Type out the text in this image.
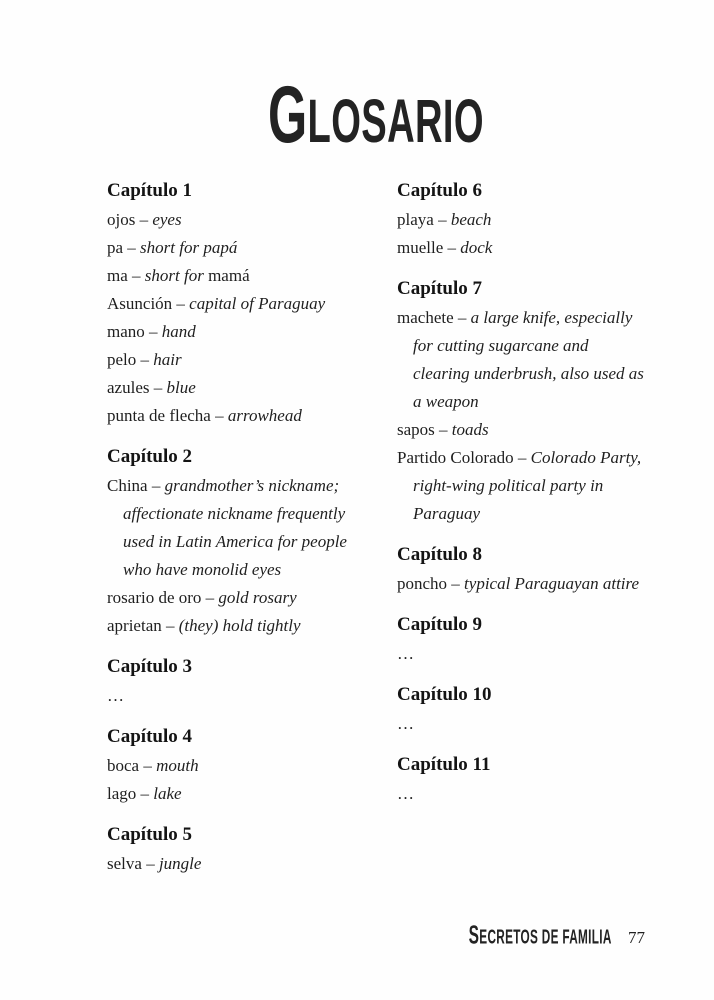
GLOSARIO
Capítulo 1

ojos – eyes

pa – short for papá

ma – short for mamá

Asunción – capital of Paraguay

mano – hand

pelo – hair

azules – blue

punta de flecha – arrowhead

Capítulo 2

China – grandmother’s nickname; affectionate nickname frequently used in Latin America for people who have monolid eyes

rosario de oro – gold rosary

aprietan – (they) hold tightly

Capítulo 3

…

Capítulo 4

boca – mouth

lago – lake

Capítulo 5

selva – jungle

Capítulo 6

playa – beach

muelle – dock

Capítulo 7

machete – a large knife, especially for cutting sugarcane and clearing underbrush, also used as a weapon

sapos – toads

Partido Colorado – Colorado Party, right-wing political party in Paraguay

Capítulo 8

poncho – typical Paraguayan attire

Capítulo 9

…

Capítulo 10

…

Capítulo 11

…

SECRETOS DE FAMILIA 77
